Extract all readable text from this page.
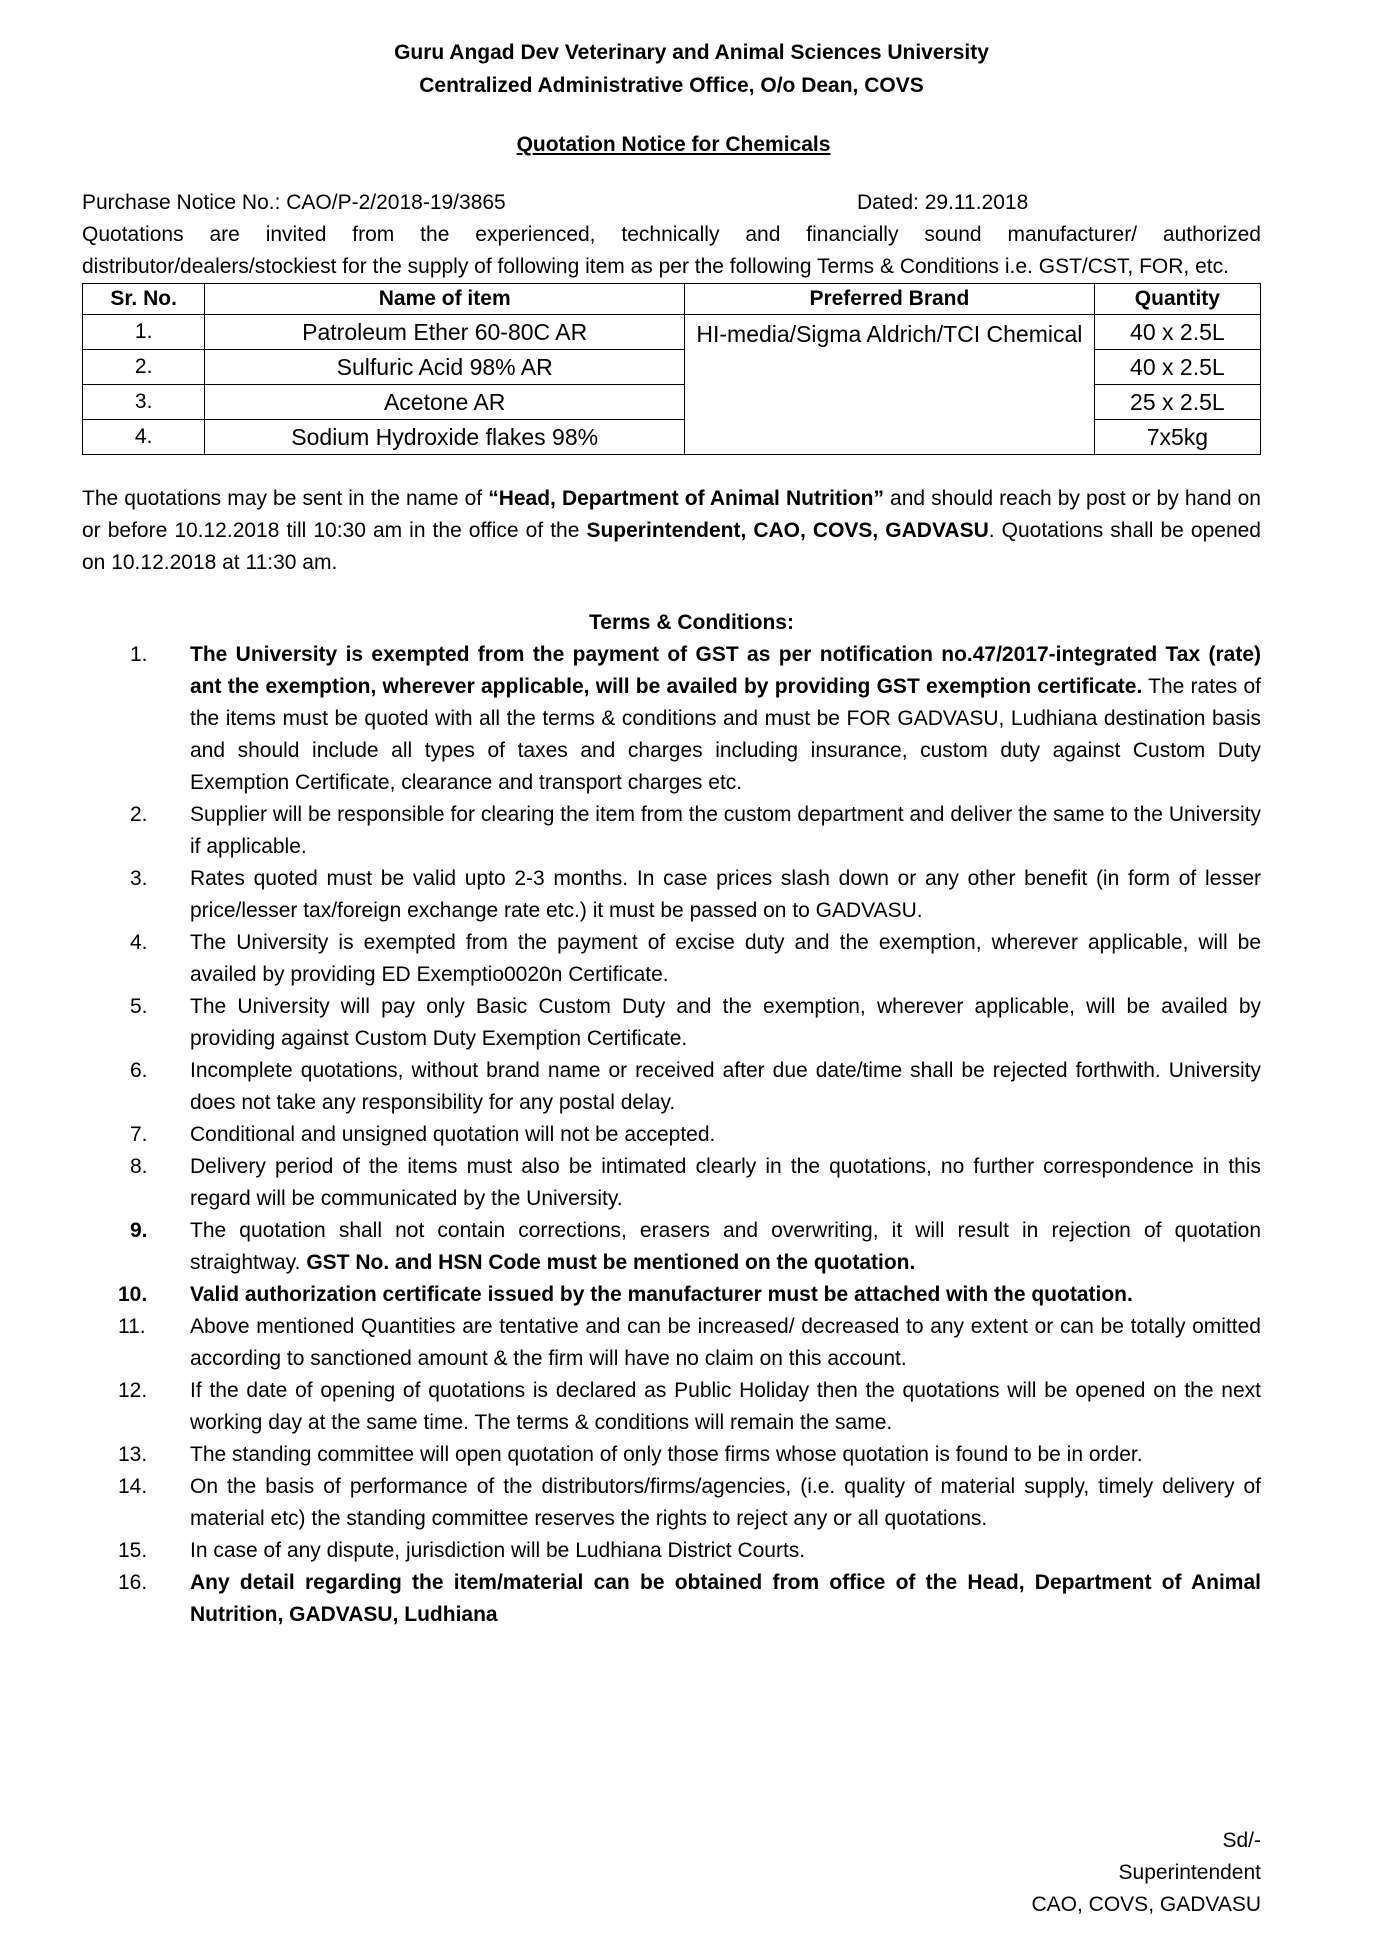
Guru Angad Dev Veterinary and Animal Sciences University
Centralized Administrative Office, O/o Dean, COVS
Quotation Notice for Chemicals
Purchase Notice No.: CAO/P-2/2018-19/3865	Dated: 29.11.2018
Quotations are invited from the experienced, technically and financially sound manufacturer/ authorized distributor/dealers/stockiest for the supply of following item as per the following Terms & Conditions i.e. GST/CST, FOR, etc.
Sr. No.	Name of item	Preferred Brand	Quantity
1.	Patroleum Ether 60-80C AR	HI-media/Sigma Aldrich/TCI Chemical	40 x 2.5L
2.	Sulfuric Acid 98% AR		40 x 2.5L
3.	Acetone AR		25 x 2.5L
4.	Sodium Hydroxide flakes 98%		7x5kg
The quotations may be sent in the name of “Head, Department of Animal Nutrition” and should reach by post or by hand on or before 10.12.2018 till 10:30 am in the office of the Superintendent, CAO, COVS, GADVASU. Quotations shall be opened on 10.12.2018 at 11:30 am.
Terms & Conditions:
1.	The University is exempted from the payment of GST as per notification no.47/2017-integrated Tax (rate) ant the exemption, wherever applicable, will be availed by providing GST exemption certificate. The rates of the items must be quoted with all the terms & conditions and must be FOR GADVASU, Ludhiana destination basis and should include all types of taxes and charges including insurance, custom duty against Custom Duty Exemption Certificate, clearance and transport charges etc.
2.	Supplier will be responsible for clearing the item from the custom department and deliver the same to the University if applicable.
3.	Rates quoted must be valid upto 2-3 months. In case prices slash down or any other benefit (in form of lesser price/lesser tax/foreign exchange rate etc.) it must be passed on to GADVASU.
4.	The University is exempted from the payment of excise duty and the exemption, wherever applicable, will be availed by providing ED Exemptio0020n Certificate.
5.	The University will pay only Basic Custom Duty and the exemption, wherever applicable, will be availed by providing against Custom Duty Exemption Certificate.
6.	Incomplete quotations, without brand name or received after due date/time shall be rejected forthwith. University does not take any responsibility for any postal delay.
7.	Conditional and unsigned quotation will not be accepted.
8.	Delivery period of the items must also be intimated clearly in the quotations, no further correspondence in this regard will be communicated by the University.
9.	The quotation shall not contain corrections, erasers and overwriting, it will result in rejection of quotation straightway. GST No. and HSN Code must be mentioned on the quotation.
10.	Valid authorization certificate issued by the manufacturer must be attached with the quotation.
11.	Above mentioned Quantities are tentative and can be increased/ decreased to any extent or can be totally omitted according to sanctioned amount & the firm will have no claim on this account.
12.	If the date of opening of quotations is declared as Public Holiday then the quotations will be opened on the next working day at the same time. The terms & conditions will remain the same.
13.	The standing committee will open quotation of only those firms whose quotation is found to be in order.
14.	On the basis of performance of the distributors/firms/agencies, (i.e. quality of material supply, timely delivery of material etc) the standing committee reserves the rights to reject any or all quotations.
15.	In case of any dispute, jurisdiction will be Ludhiana District Courts.
16.	Any detail regarding the item/material can be obtained from office of the Head, Department of Animal Nutrition, GADVASU, Ludhiana
Sd/-
Superintendent
CAO, COVS, GADVASU
